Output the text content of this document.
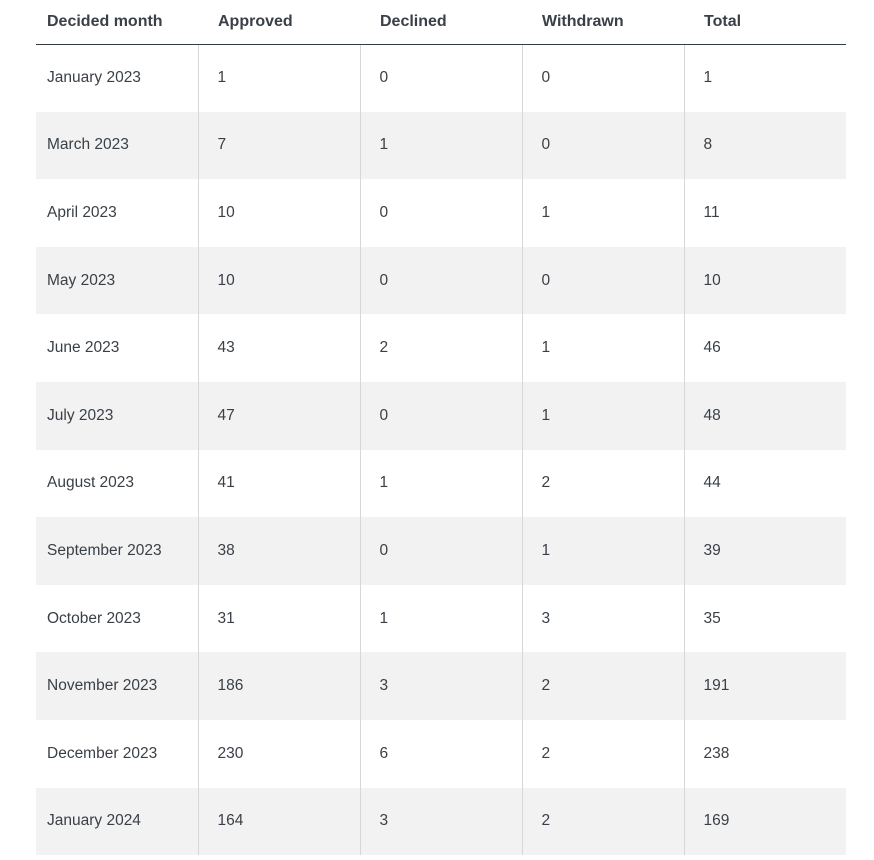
Decided month	Approved	Declined	Withdrawn	Total
January 2023	1	0	0	1
March 2023	7	1	0	8
April 2023	10	0	1	11
May 2023	10	0	0	10
June 2023	43	2	1	46
July 2023	47	0	1	48
August 2023	41	1	2	44
September 2023	38	0	1	39
October 2023	31	1	3	35
November 2023	186	3	2	191
December 2023	230	6	2	238
January 2024	164	3	2	169
